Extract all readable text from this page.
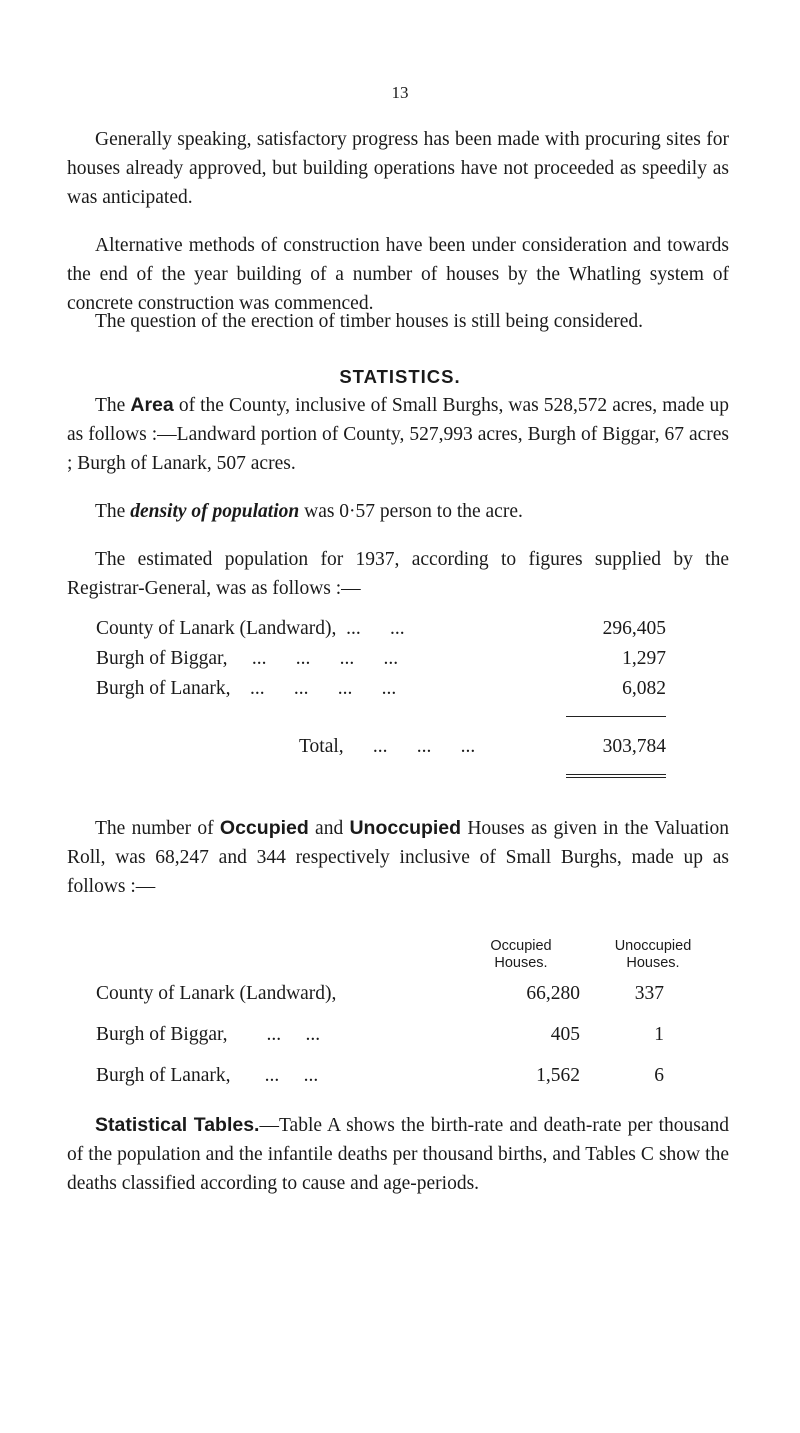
13

Generally speaking, satisfactory progress has been made with procuring sites for houses already approved, but building operations have not proceeded as speedily as was anticipated.

Alternative methods of construction have been under consideration and towards the end of the year building of a number of houses by the Whatling system of concrete construction was commenced.

The question of the erection of timber houses is still being considered.

STATISTICS.

The Area of the County, inclusive of Small Burghs, was 528,572 acres, made up as follows :—Landward portion of County, 527,993 acres, Burgh of Biggar, 67 acres ; Burgh of Lanark, 507 acres.

The density of population was 0·57 person to the acre.

The estimated population for 1937, according to figures supplied by the Registrar-General, was as follows :—

County of Lanark (Landward),  ...      ...	296,405
Burgh of Biggar,     ...      ...      ...      ...	1,297
Burgh of Lanark,    ...      ...      ...      ...	6,082
Total,      ...      ...      ...	303,784

The number of Occupied and Unoccupied Houses as given in the Valuation Roll, was 68,247 and 344 respectively inclusive of Small Burghs, made up as follows :—

Occupied
Houses.
Unoccupied
Houses.
County of Lanark (Landward),	66,280	337
Burgh of Biggar,        ...     ...	405	1
Burgh of Lanark,       ...     ...	1,562	6

Statistical Tables.—Table A shows the birth-rate and death-rate per thousand of the population and the infantile deaths per thousand births, and Tables C show the deaths classified according to cause and age-periods.
